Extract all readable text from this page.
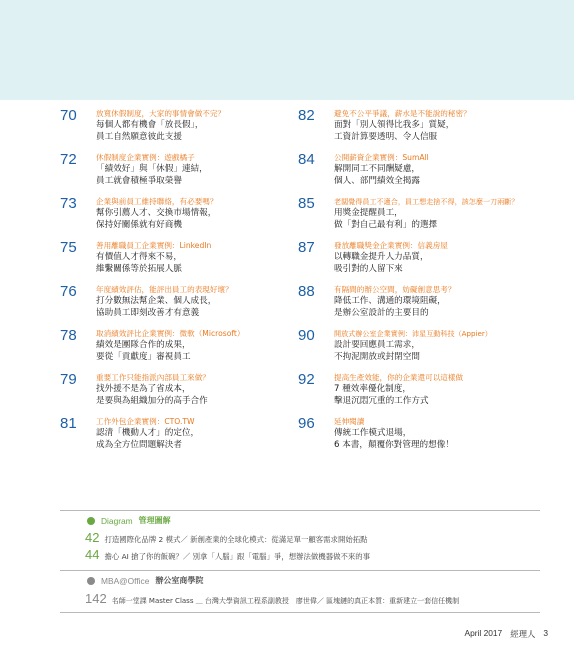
70	放寬休假制度，大家的事情會做不完？
每個人都有機會「放長假」，
員工自然願意彼此支援
72	休假制度企業實例：遊戲橘子
「績效好」與「休假」連結，
員工就會積極爭取榮譽
73	企業與前員工維持聯絡，有必要嗎？
幫你引薦人才、交換市場情報，
保持好關係就有好商機
75	善用離職員工企業實例：LinkedIn
有價值人才得來不易，
維繫關係等於拓展人脈
76	年度績效評估，能評出員工的表現好壞？
打分數無法幫企業、個人成長，
協助員工即刻改善才有意義
78	取消績效評比企業實例：微軟（Microsoft）
績效是團隊合作的成果，
要從「貢獻度」審視員工
79	重要工作只能指派內部員工來做？
找外援不是為了省成本，
是要與為組織加分的高手合作
81	工作外包企業實例：CTO.TW
認清「機動人才」的定位，
成為全方位問題解決者
82	避免不公平爭議，薪水是不能說的秘密？
面對「別人領得比我多」質疑，
工資計算要透明、令人信服
84	公開薪資企業實例：SumAll
解開同工不同酬疑慮，
個人、部門績效全揭露
85	老闆覺得員工不適合，員工想走捨不得，該怎麼一刀兩斷？
用獎金提醒員工，
做「對自己最有利」的選擇
87	發放離職獎金企業實例：信義房屋
以轉職金提升人力品質，
吸引對的人留下來
88	有隔間的辦公空間，妨礙創意思考？
降低工作、溝通的環境阻礙，
是辦公室設計的主要目的
90	開放式辦公室企業實例：沛星互動科技（Appier）
設計要回應員工需求，
不拘泥開放或封閉空間
92	提高生產效能，你的企業還可以這樣做
7 種效率優化制度，
擊退沉悶冗重的工作方式
96	延伸閱讀
傳統工作模式退場，
6 本書，顛覆你對管理的想像！
Diagram 管理圖解
42 打造國際化品牌 2 模式／ 新創產業的全球化模式：從滿足單一顧客需求開始拓點
44 擔心 AI 搶了你的飯碗？／ 別拿「人腦」跟「電腦」爭，想辦法做機器做不來的事
MBA@Office 辦公室商學院
142 名師一堂課 Master Class ＿ 台灣大學資訊工程系副教授　廖世偉／ 區塊鏈的真正本質：重新建立一套信任機制
April 2017 經理人 3
